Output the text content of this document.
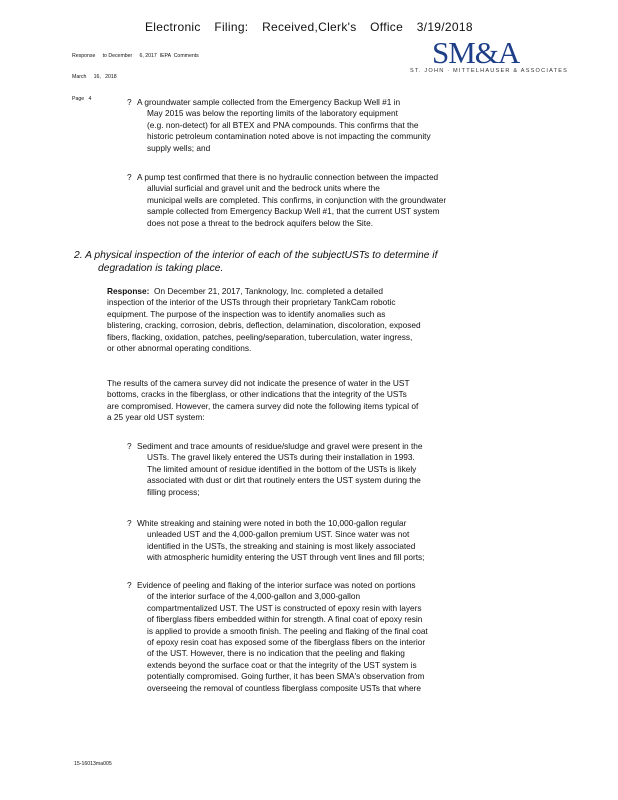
Electronic Filing: Received,Clerk's Office 3/19/2018

Response     to December     6, 2017  IEPA  Comments

March     16,   2018

Page   4

SM&A
ST. JOHN · MITTELHAUSER & ASSOCIATES
? A groundwater sample collected from the Emergency Backup Well #1 in

May 2015 was below the reporting limits of the laboratory equipment

(e.g. non-detect) for all BTEX and PNA compounds. This confirms that the

historic petroleum contamination noted above is not impacting the community

supply wells; and

? A pump test confirmed that there is no hydraulic connection between the impacted

alluvial surficial and gravel unit and the bedrock units where the

municipal wells are completed. This confirms, in conjunction with the groundwater

sample collected from Emergency Backup Well #1, that the current UST system

does not pose a threat to the bedrock aquifers below the Site.

2. A physical inspection of the interior of each of the subjectUSTs to determine if
degradation is taking place.

Response: On December 21, 2017, Tanknology, Inc. completed a detailed

inspection of the interior of the USTs through their proprietary TankCam robotic

equipment. The purpose of the inspection was to identify anomalies such as

blistering, cracking, corrosion, debris, deflection, delamination, discoloration, exposed

fibers, flacking, oxidation, patches, peeling/separation, tuberculation, water ingress,

or other abnormal operating conditions.

The results of the camera survey did not indicate the presence of water in the UST

bottoms, cracks in the fiberglass, or other indications that the integrity of the USTs

are compromised. However, the camera survey did note the following items typical of

a 25 year old UST system:

? Sediment and trace amounts of residue/sludge and gravel were present in the

USTs. The gravel likely entered the USTs during their installation in 1993.

The limited amount of residue identified in the bottom of the USTs is likely

associated with dust or dirt that routinely enters the UST system during the

filling process;

? White streaking and staining were noted in both the 10,000-gallon regular

unleaded UST and the 4,000-gallon premium UST. Since water was not

identified in the USTs, the streaking and staining is most likely associated

with atmospheric humidity entering the UST through vent lines and fill ports;

? Evidence of peeling and flaking of the interior surface was noted on portions

of the interior surface of the 4,000-gallon and 3,000-gallon

compartmentalized UST. The UST is constructed of epoxy resin with layers

of fiberglass fibers embedded within for strength. A final coat of epoxy resin

is applied to provide a smooth finish. The peeling and flaking of the final coat

of epoxy resin coat has exposed some of the fiberglass fibers on the interior

of the UST. However, there is no indication that the peeling and flaking

extends beyond the surface coat or that the integrity of the UST system is

potentially compromised. Going further, it has been SMA's observation from

overseeing the removal of countless fiberglass composite USTs that where

15-16013ma005
